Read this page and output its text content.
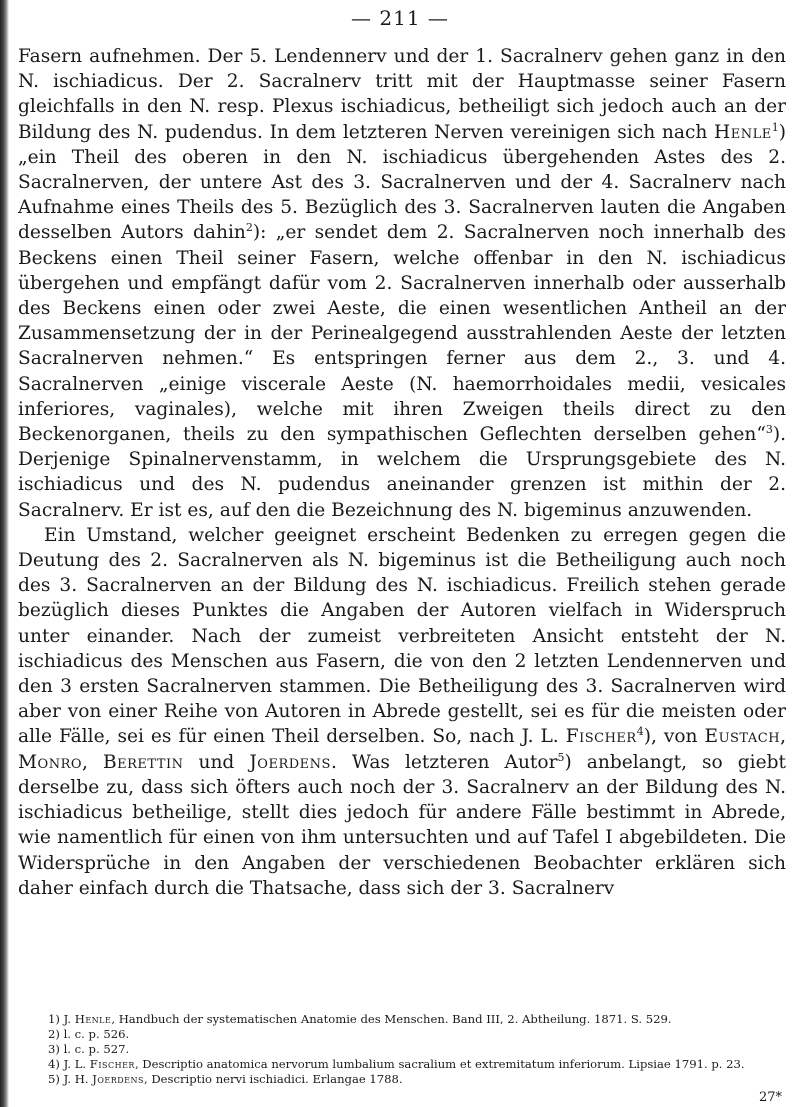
— 211 —

Fasern aufnehmen. Der 5. Lendennerv und der 1. Sacralnerv gehen ganz in den N. ischiadicus. Der 2. Sacralnerv tritt mit der Hauptmasse seiner Fasern gleichfalls in den N. resp. Plexus ischiadicus, betheiligt sich jedoch auch an der Bildung des N. pudendus. In dem letzteren Nerven vereinigen sich nach Henle$^1$) „ein Theil des oberen in den N. ischiadicus übergehenden Astes des 2. Sacralnerven, der untere Ast des 3. Sacralnerven und der 4. Sacralnerv nach Aufnahme eines Theils des 5. Bezüglich des 3. Sacralnerven lauten die Angaben desselben Autors dahin$^2$): „er sendet dem 2. Sacralnerven noch innerhalb des Beckens einen Theil seiner Fasern, welche offenbar in den N. ischiadicus übergehen und empfängt dafür vom 2. Sacralnerven innerhalb oder ausserhalb des Beckens einen oder zwei Aeste, die einen wesentlichen Antheil an der Zusammensetzung der in der Perinealgegend ausstrahlenden Aeste der letzten Sacralnerven nehmen.“ Es entspringen ferner aus dem 2., 3. und 4. Sacralnerven „einige viscerale Aeste (N. haemorrhoidales medii, vesicales inferiores, vaginales), welche mit ihren Zweigen theils direct zu den Beckenorganen, theils zu den sympathischen Geflechten derselben gehen“$^3$). Derjenige Spinalnervenstamm, in welchem die Ursprungsgebiete des N. ischiadicus und des N. pudendus aneinander grenzen ist mithin der 2. Sacralnerv. Er ist es, auf den die Bezeichnung des N. bigeminus anzuwenden.

Ein Umstand, welcher geeignet erscheint Bedenken zu erregen gegen die Deutung des 2. Sacralnerven als N. bigeminus ist die Betheiligung auch noch des 3. Sacralnerven an der Bildung des N. ischiadicus. Freilich stehen gerade bezüglich dieses Punktes die Angaben der Autoren vielfach in Widerspruch unter einander. Nach der zumeist verbreiteten Ansicht entsteht der N. ischiadicus des Menschen aus Fasern, die von den 2 letzten Lendennerven und den 3 ersten Sacralnerven stammen. Die Betheiligung des 3. Sacralnerven wird aber von einer Reihe von Autoren in Abrede gestellt, sei es für die meisten oder alle Fälle, sei es für einen Theil derselben. So, nach J. L. Fischer$^4$), von Eustach, Monro, Berettin und Joerdens. Was letzteren Autor$^5$) anbelangt, so giebt derselbe zu, dass sich öfters auch noch der 3. Sacralnerv an der Bildung des N. ischiadicus betheilige, stellt dies jedoch für andere Fälle bestimmt in Abrede, wie namentlich für einen von ihm untersuchten und auf Tafel I abgebildeten. Die Widersprüche in den Angaben der verschiedenen Beobachter erklären sich daher einfach durch die Thatsache, dass sich der 3. Sacralnerv

1) J. Henle, Handbuch der systematischen Anatomie des Menschen. Band III, 2. Abtheilung. 1871. S. 529.

2) l. c. p. 526.

3) l. c. p. 527.

4) J. L. Fischer, Descriptio anatomica nervorum lumbalium sacralium et extremitatum inferiorum. Lipsiae 1791. p. 23.

5) J. H. Joerdens, Descriptio nervi ischiadici. Erlangae 1788.

27*
